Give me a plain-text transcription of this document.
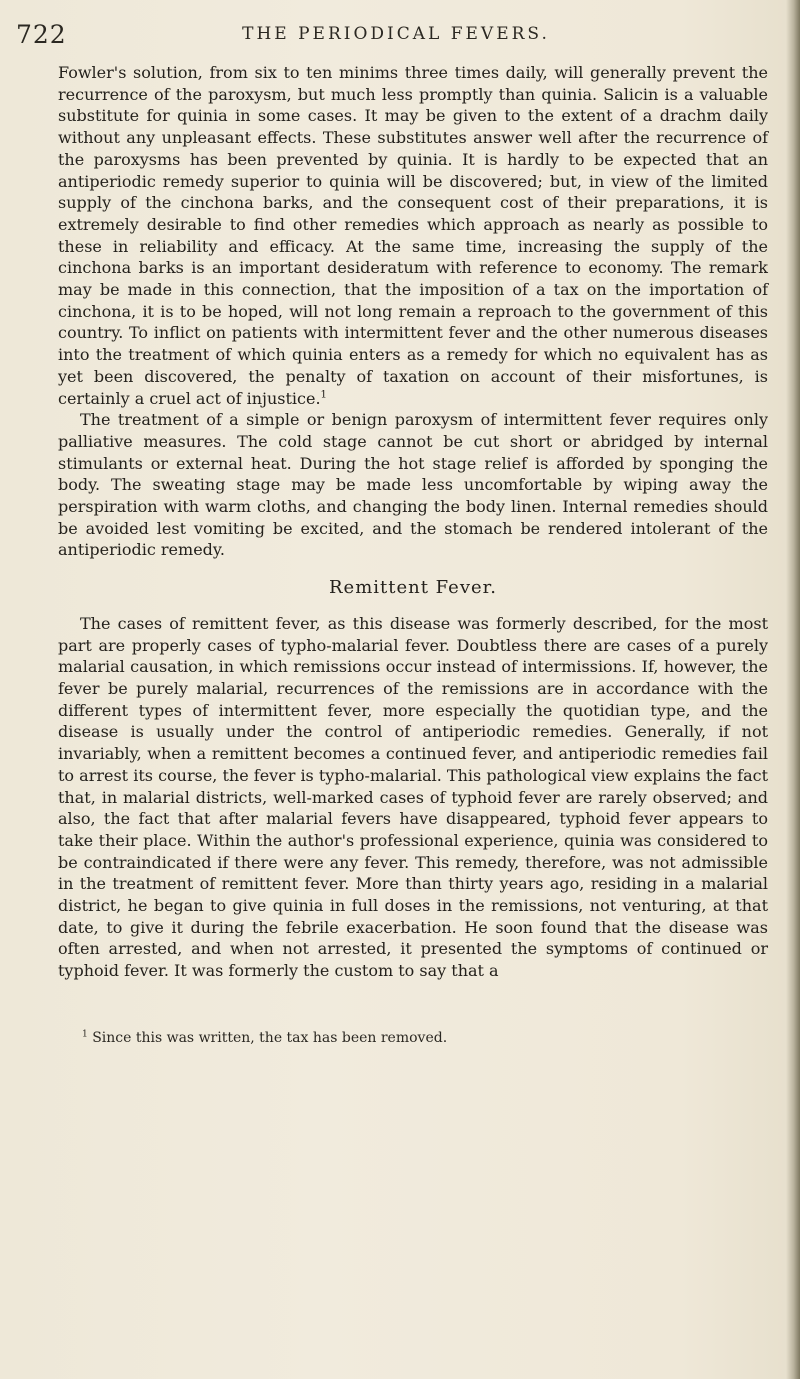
722	THE PERIODICAL FEVERS.

Fowler's solution, from six to ten minims three times daily, will generally prevent the recurrence of the paroxysm, but much less promptly than quinia. Salicin is a valuable substitute for quinia in some cases. It may be given to the extent of a drachm daily without any unpleasant effects. These substitutes answer well after the recurrence of the paroxysms has been prevented by quinia. It is hardly to be expected that an antiperiodic remedy superior to quinia will be discovered; but, in view of the limited supply of the cinchona barks, and the consequent cost of their preparations, it is extremely desirable to find other remedies which approach as nearly as possible to these in reliability and efficacy. At the same time, increasing the supply of the cinchona barks is an important desideratum with reference to economy. The remark may be made in this connection, that the imposition of a tax on the importation of cinchona, it is to be hoped, will not long remain a reproach to the government of this country. To inflict on patients with intermittent fever and the other numerous diseases into the treatment of which quinia enters as a remedy for which no equivalent has as yet been discovered, the penalty of taxation on account of their misfortunes, is certainly a cruel act of injustice.$^1$

The treatment of a simple or benign paroxysm of intermittent fever requires only palliative measures. The cold stage cannot be cut short or abridged by internal stimulants or external heat. During the hot stage relief is afforded by sponging the body. The sweating stage may be made less uncomfortable by wiping away the perspiration with warm cloths, and changing the body linen. Internal remedies should be avoided lest vomiting be excited, and the stomach be rendered intolerant of the antiperiodic remedy.

Remittent Fever.

The cases of remittent fever, as this disease was formerly described, for the most part are properly cases of typho-malarial fever. Doubtless there are cases of a purely malarial causation, in which remissions occur instead of intermissions. If, however, the fever be purely malarial, recurrences of the remissions are in accordance with the different types of intermittent fever, more especially the quotidian type, and the disease is usually under the control of antiperiodic remedies. Generally, if not invariably, when a remittent becomes a continued fever, and antiperiodic remedies fail to arrest its course, the fever is typho-malarial. This pathological view explains the fact that, in malarial districts, well-marked cases of typhoid fever are rarely observed; and also, the fact that after malarial fevers have disappeared, typhoid fever appears to take their place. Within the author's professional experience, quinia was considered to be contraindicated if there were any fever. This remedy, therefore, was not admissible in the treatment of remittent fever. More than thirty years ago, residing in a malarial district, he began to give quinia in full doses in the remissions, not venturing, at that date, to give it during the febrile exacerbation. He soon found that the disease was often arrested, and when not arrested, it presented the symptoms of continued or typhoid fever. It was formerly the custom to say that a

$^1$ Since this was written, the tax has been removed.
